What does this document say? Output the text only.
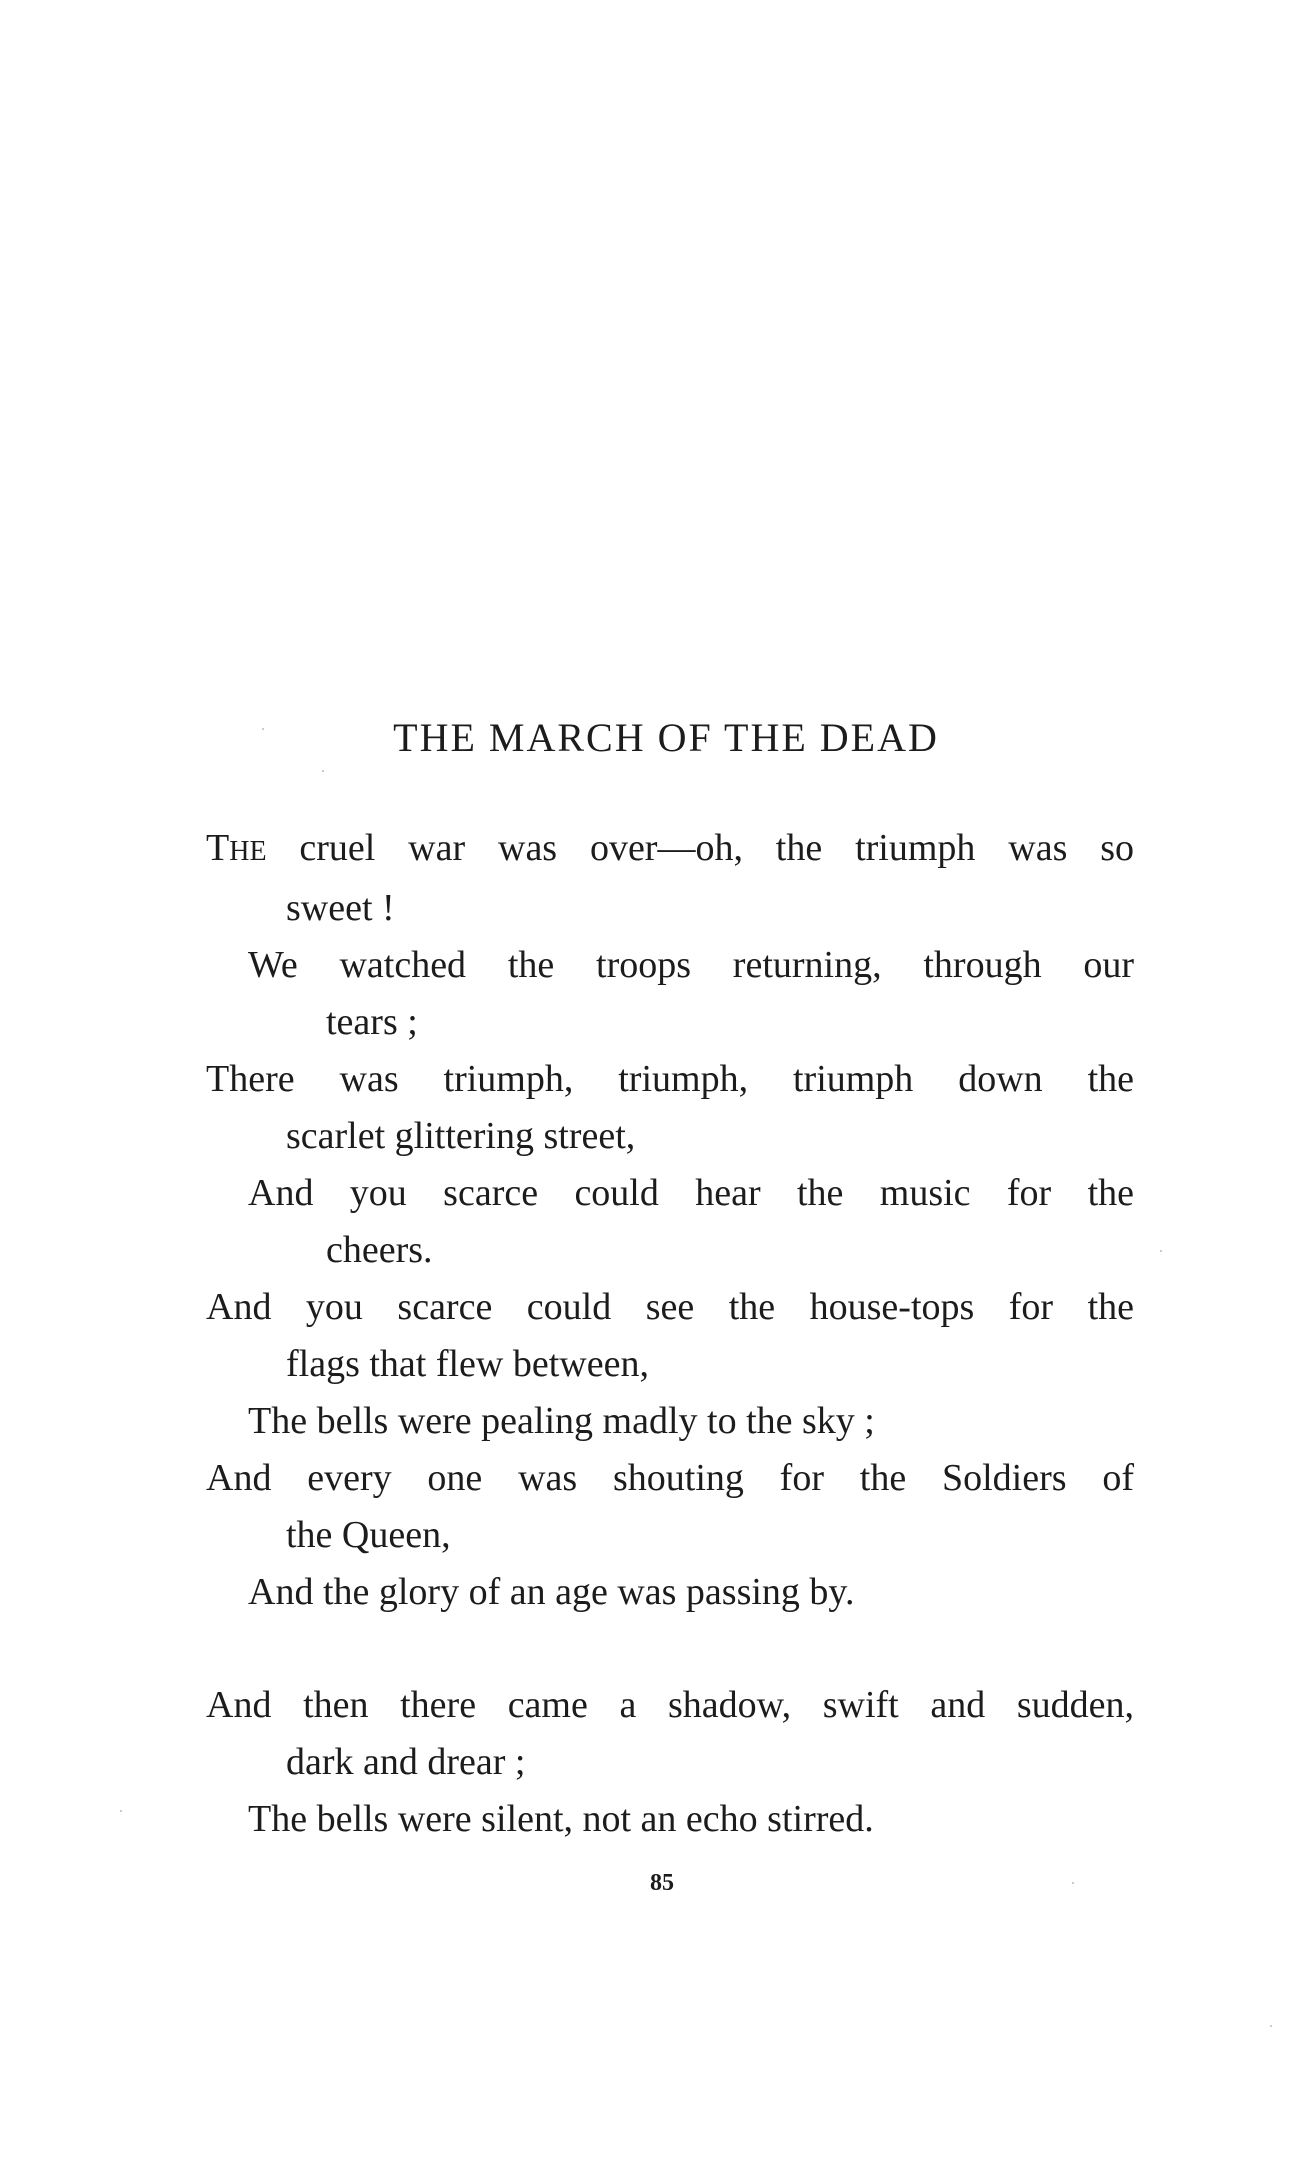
THE MARCH OF THE DEAD
THE cruel war was over—oh, the triumph was so
sweet !
We watched the troops returning, through our
tears ;
There was triumph, triumph, triumph down the
scarlet glittering street,
And you scarce could hear the music for the
cheers.
And you scarce could see the house-tops for the
flags that flew between,
The bells were pealing madly to the sky ;
And every one was shouting for the Soldiers of
the Queen,
And the glory of an age was passing by.
And then there came a shadow, swift and sudden,
dark and drear ;
The bells were silent, not an echo stirred.
85
